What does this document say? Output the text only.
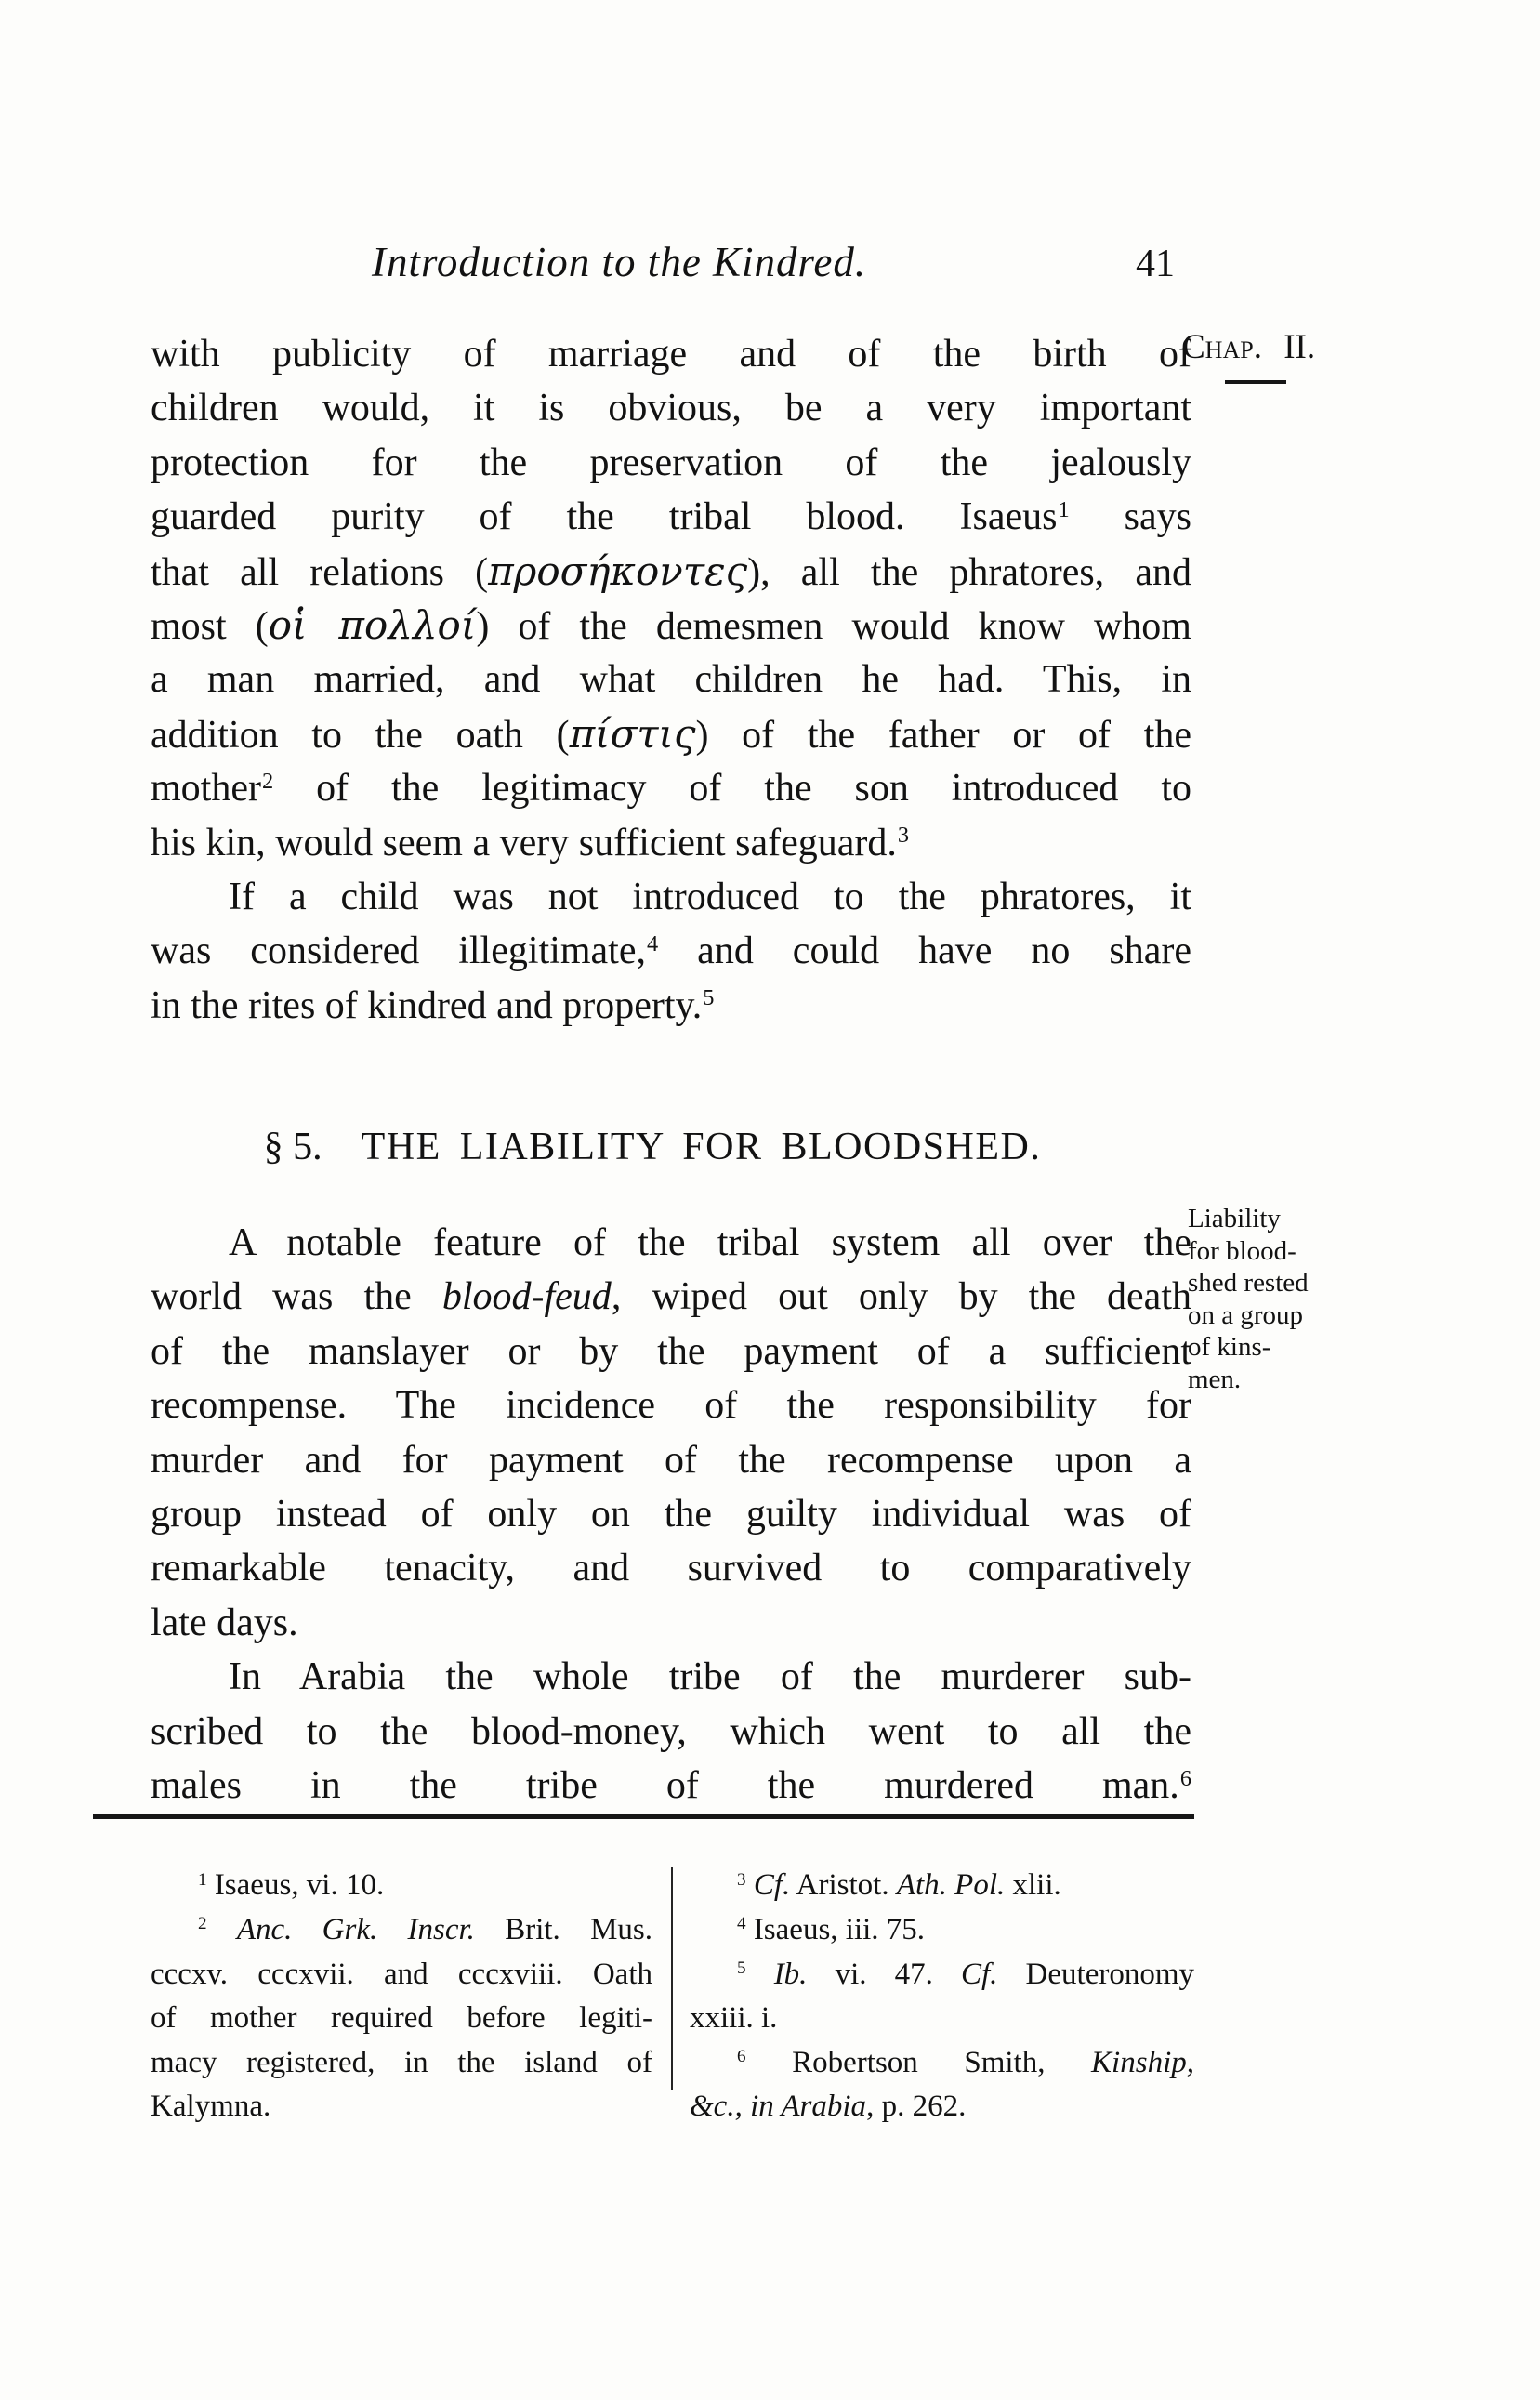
Introduction to the Kindred.	41
Chap. II.
Liability
for blood-
shed rested
on a group
of kins-
men.
with publicity of marriage and of the birth of
children would, it is obvious, be a very important
protection for the preservation of the jealously
guarded purity of the tribal blood. Isaeus$^1$ says
that all relations (προσήκοντες), all the phratores, and
most (οἱ πολλοί) of the demesmen would know whom
a man married, and what children he had. This, in
addition to the oath (πίστις) of the father or of the
mother$^2$ of the legitimacy of the son introduced to
his kin, would seem a very sufficient safeguard.$^3$
If a child was not introduced to the phratores, it
was considered illegitimate,$^4$ and could have no share
in the rites of kindred and property.$^5$
§ 5. THE LIABILITY FOR BLOODSHED.
A notable feature of the tribal system all over the
world was the blood-feud, wiped out only by the death
of the manslayer or by the payment of a sufficient
recompense. The incidence of the responsibility for
murder and for payment of the recompense upon a
group instead of only on the guilty individual was of
remarkable tenacity, and survived to comparatively
late days.
In Arabia the whole tribe of the murderer sub-
scribed to the blood-money, which went to all the
males in the tribe of the murdered man.$^6$
$^1$ Isaeus, vi. 10.
$^2$ Anc. Grk. Inscr. Brit. Mus.
cccxv. cccxvii. and cccxviii. Oath
of mother required before legiti-
macy registered, in the island of
Kalymna.
$^3$ Cf. Aristot. Ath. Pol. xlii.
$^4$ Isaeus, iii. 75.
$^5$ Ib. vi. 47. Cf. Deuteronomy
xxiii. i.
$^6$ Robertson Smith, Kinship,
&c., in Arabia, p. 262.
